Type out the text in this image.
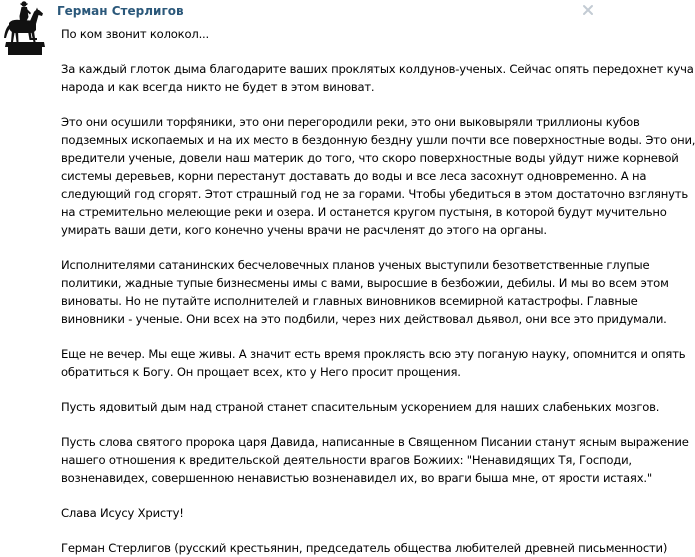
Герман Стерлигов
По ком звонит колокол...
За каждый глоток дыма благодарите ваших проклятых колдунов-ученых. Сейчас опять передохнет куча
народа и как всегда никто не будет в этом виноват.
Это они осушили торфяники, это они перегородили реки, это они выковыряли триллионы кубов
подземных ископаемых и на их место в бездонную бездну ушли почти все поверхностные воды. Это они,
вредители ученые, довели наш материк до того, что скоро поверхностные воды уйдут ниже корневой
системы деревьев, корни перестанут доставать до воды и все леса засохнут одновременно. А на
следующий год сгорят. Этот страшный год не за горами. Чтобы убедиться в этом достаточно взглянуть
на стремительно мелеющие реки и озера. И останется кругом пустыня, в которой будут мучительно
умирать ваши дети, кого конечно учены врачи не расчленят до этого на органы.
Исполнителями сатанинских бесчеловечных планов ученых выступили безответственные глупые
политики, жадные тупые бизнесмены имы с вами, выросшие в безбожии, дебилы. И мы во всем этом
виноваты. Но не путайте исполнителей и главных виновников всемирной катастрофы. Главные
виновники - ученые. Они всех на это подбили, через них действовал дьявол, они все это придумали.
Еще не вечер. Мы еще живы. А значит есть время прокляcть всю эту поганую науку, опомнится и опять
обратиться к Богу. Он прощает всех, кто у Него просит прощения.
Пусть ядовитый дым над страной станет спасительным ускорением для наших слабеньких мозгов.
Пусть слова святого пророка царя Давида, написанные в Священном Писании станут ясным выражение
нашего отношения к вредительской деятельности врагов Божиих: "Ненавидящих Тя, Господи,
возненавидех, совершенною ненавистью возненавидел их, во враги быша мне, от ярости истаях."
Слава Исусу Христу!
Герман Стерлигов (русский крестьянин, председатель общества любителей древней письменности)
